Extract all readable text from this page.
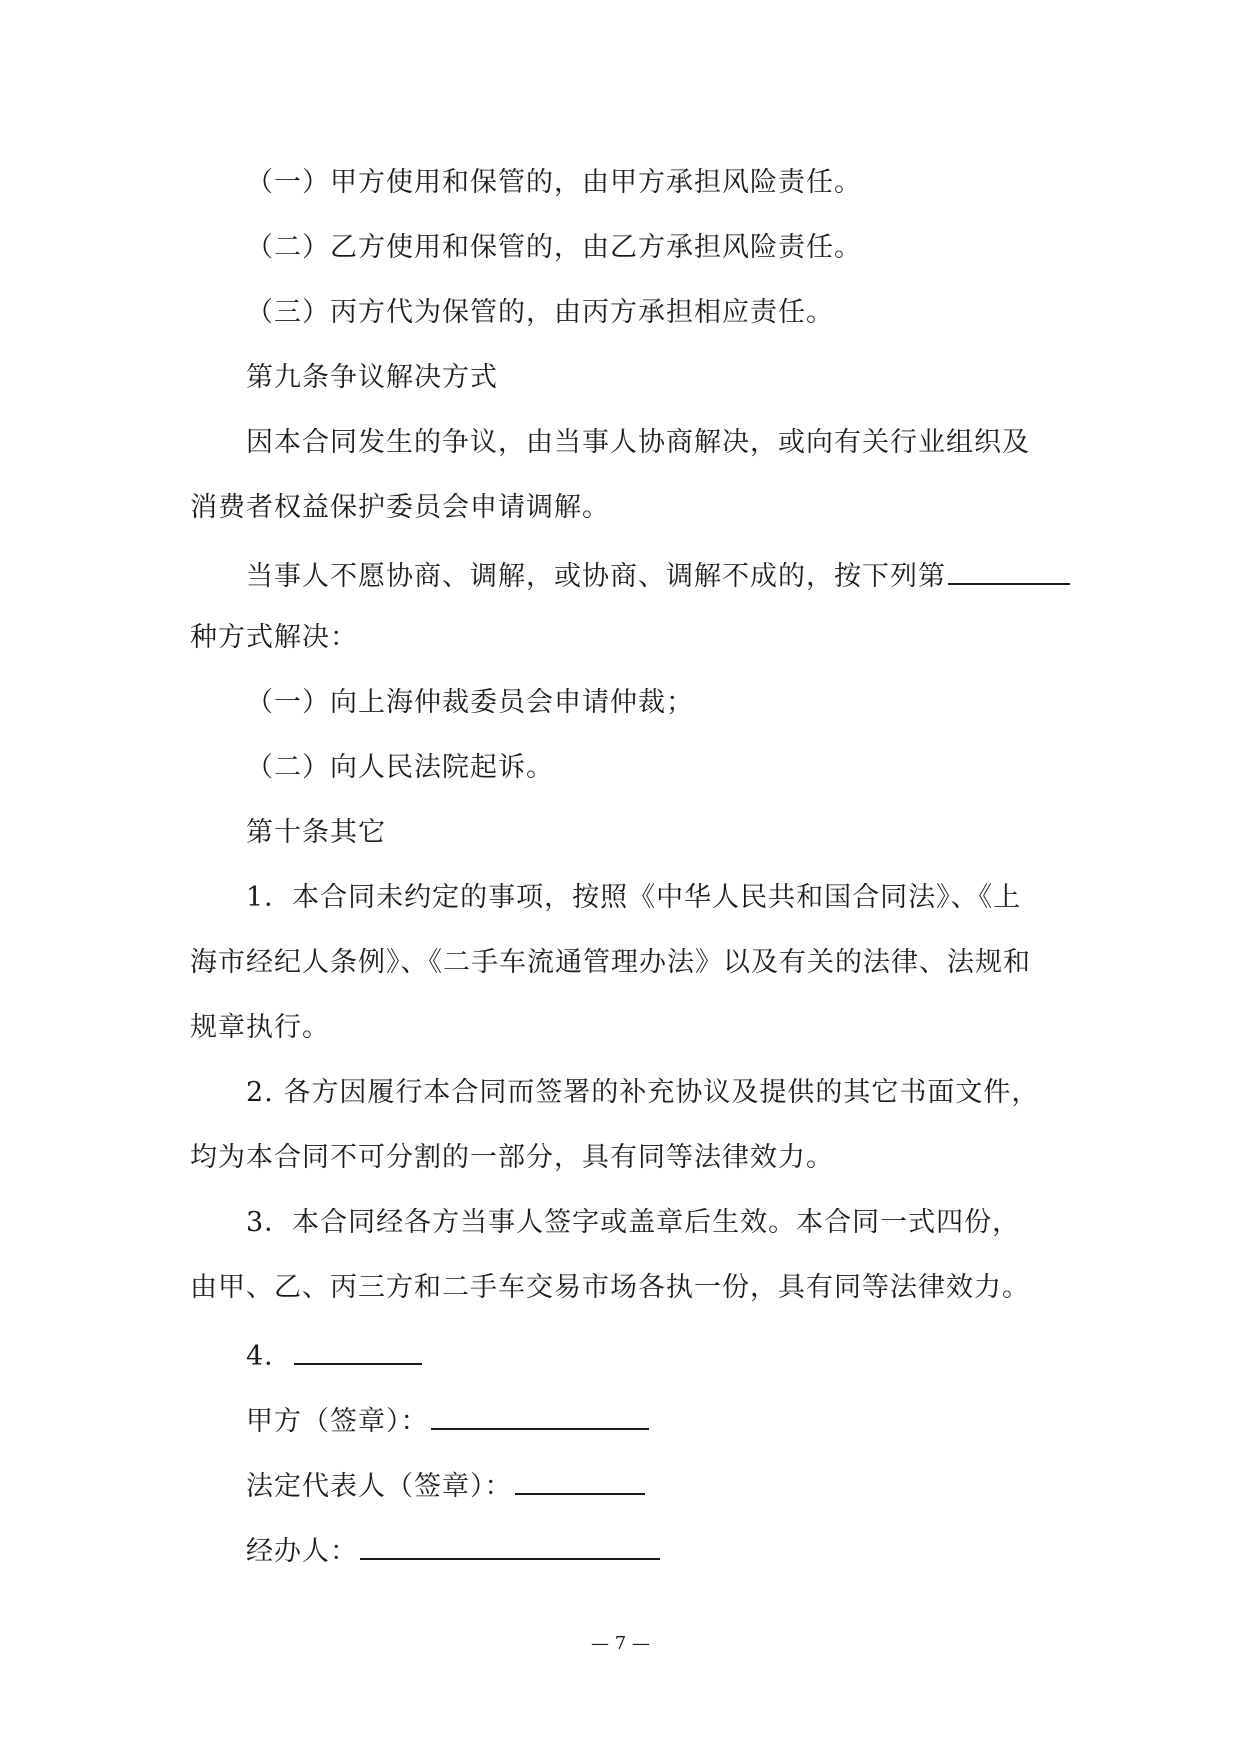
（一）甲方使用和保管的，由甲方承担风险责任。
（二）乙方使用和保管的，由乙方承担风险责任。
（三）丙方代为保管的，由丙方承担相应责任。
第九条争议解决方式
因本合同发生的争议，由当事人协商解决，或向有关行业组织及
消费者权益保护委员会申请调解。
当事人不愿协商、调解，或协商、调解不成的，按下列第
种方式解决：
（一）向上海仲裁委员会申请仲裁；
（二）向人民法院起诉。
第十条其它
1．本合同未约定的事项，按照《中华人民共和国合同法》、《上
海市经纪人条例》、《二手车流通管理办法》以及有关的法律、法规和
规章执行。
2. 各方因履行本合同而签署的补充协议及提供的其它书面文件，
均为本合同不可分割的一部分，具有同等法律效力。
3．本合同经各方当事人签字或盖章后生效。本合同一式四份，
由甲、乙、丙三方和二手车交易市场各执一份，具有同等法律效力。
4．
甲方（签章）：
法定代表人（签章）：
经办人：
— 7 —
